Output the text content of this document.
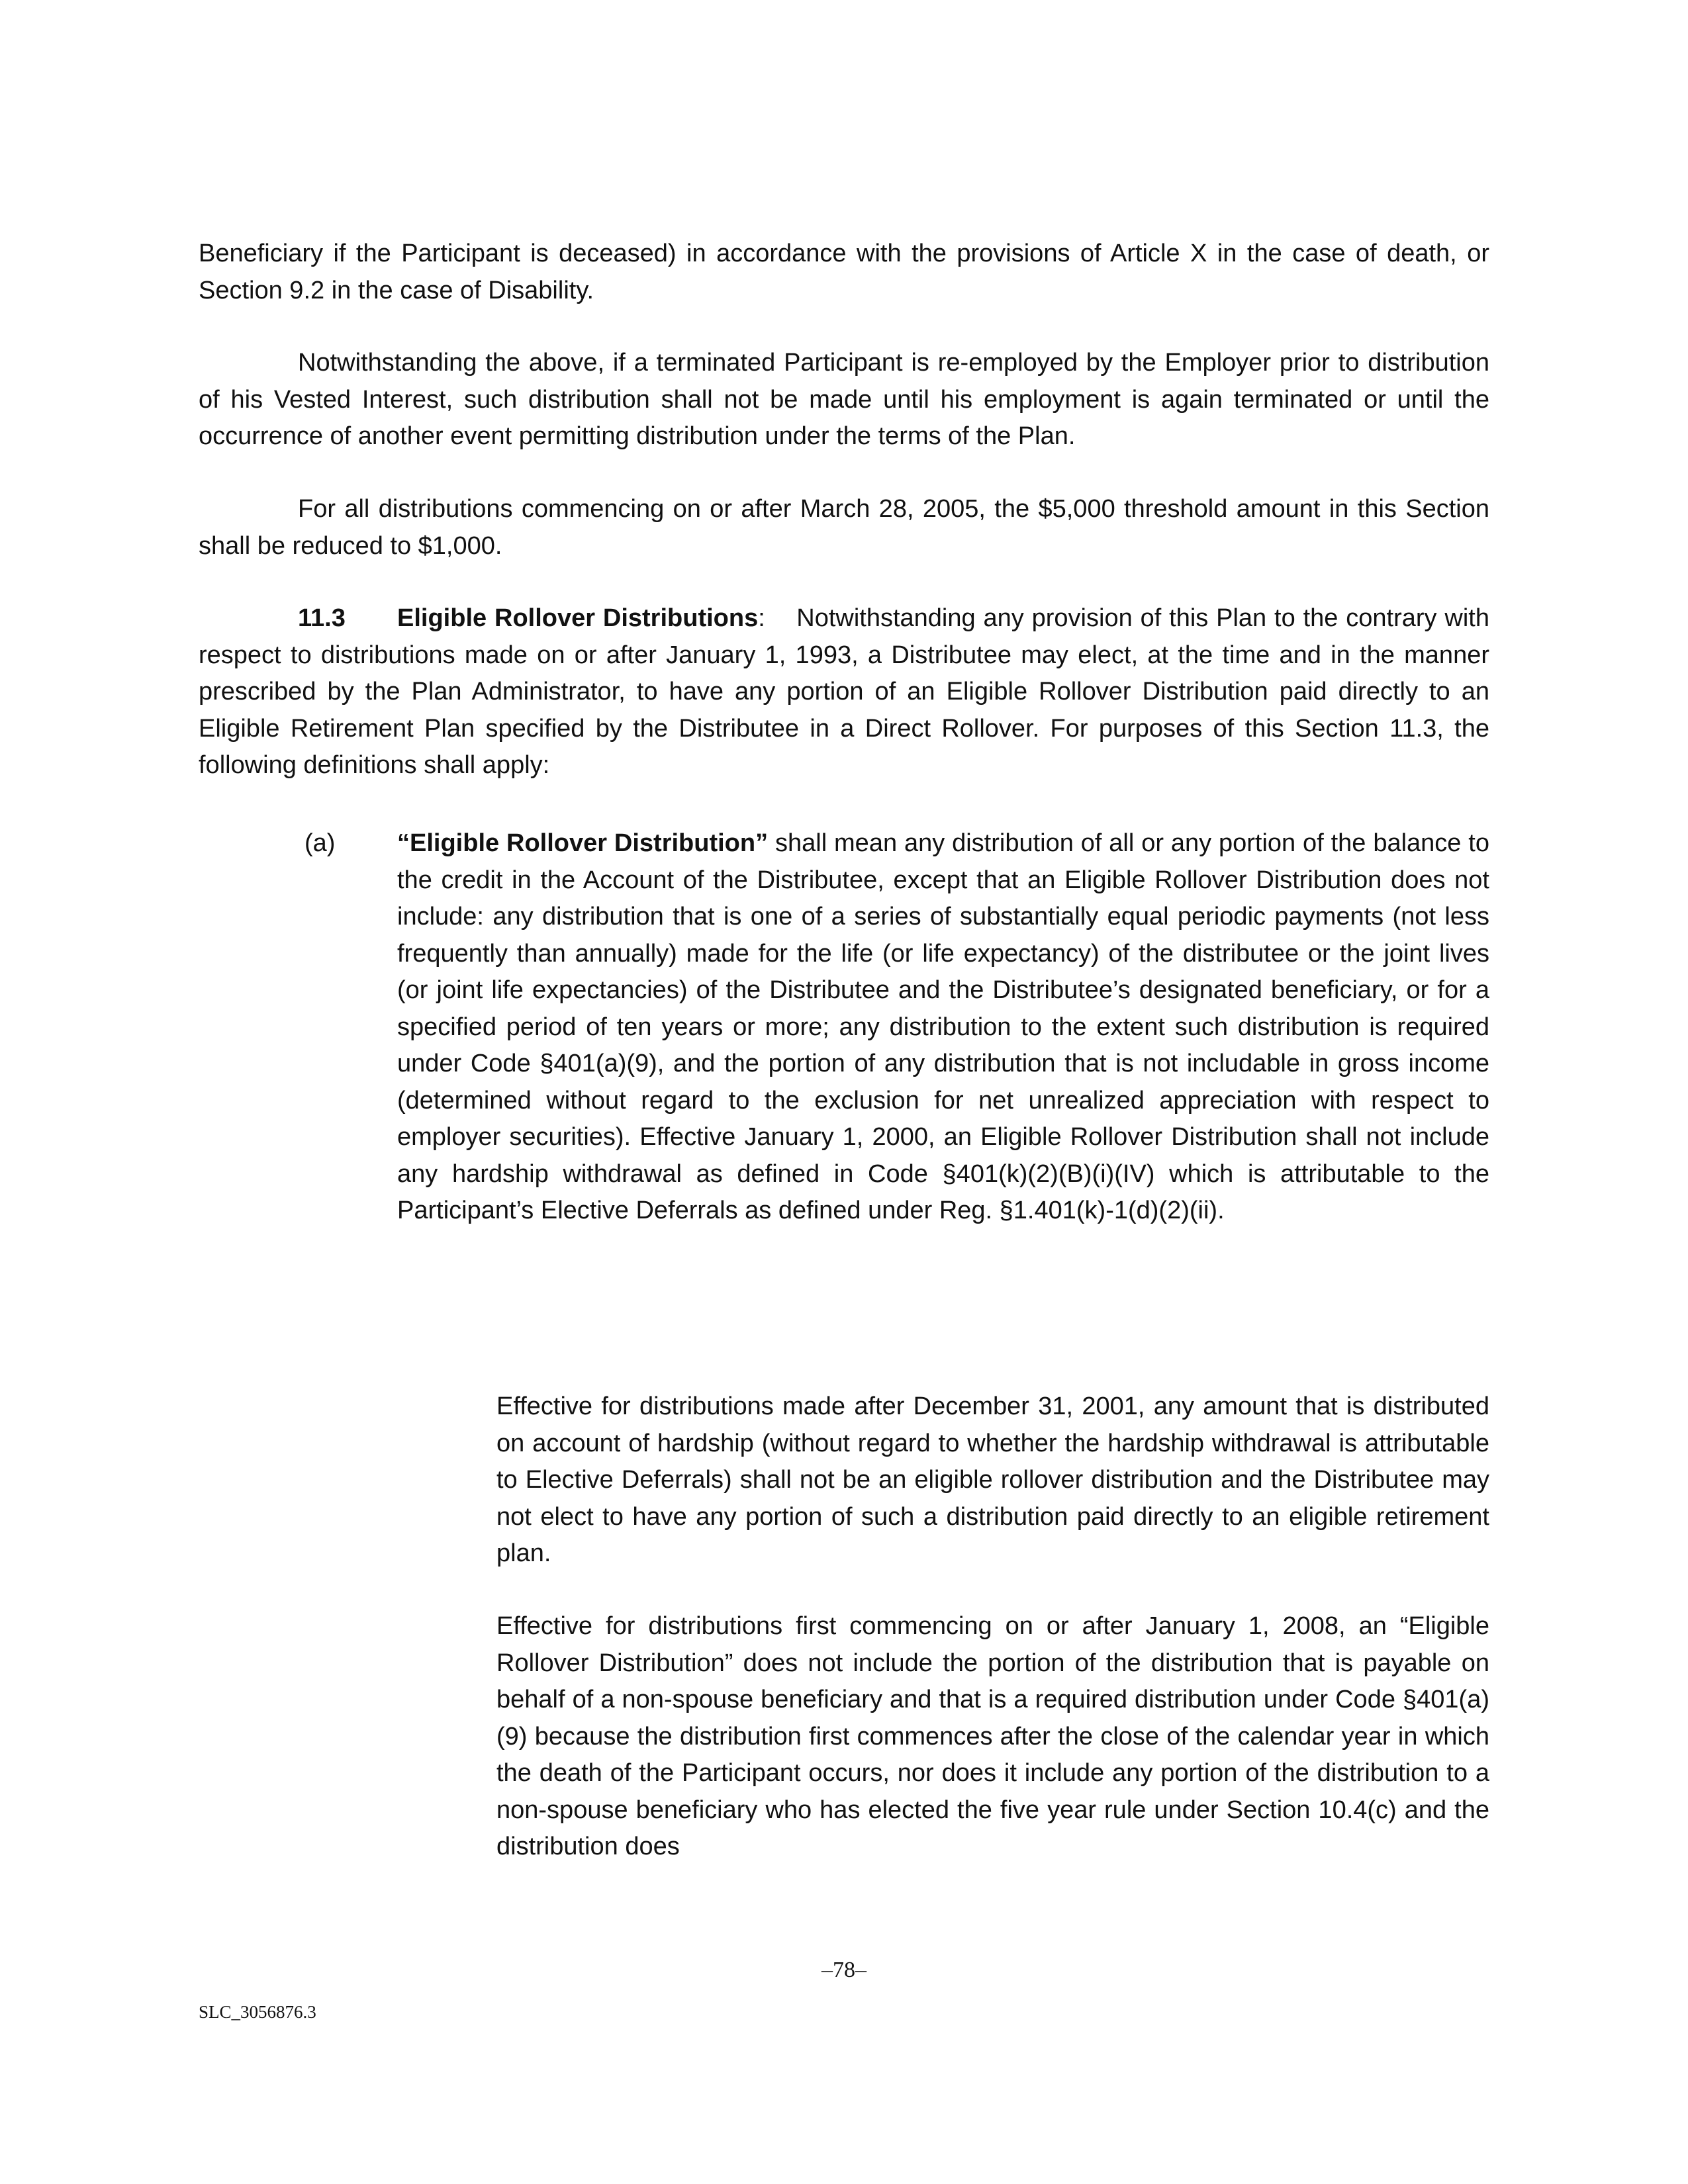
Beneficiary if the Participant is deceased) in accordance with the provisions of Article X in the case of death, or Section 9.2 in the case of Disability.

Notwithstanding the above, if a terminated Participant is re-employed by the Employer prior to distribution of his Vested Interest, such distribution shall not be made until his employment is again terminated or until the occurrence of another event permitting distribution under the terms of the Plan.

For all distributions commencing on or after March 28, 2005, the $5,000 threshold amount in this Section shall be reduced to $1,000.

11.3 Eligible Rollover Distributions: Notwithstanding any provision of this Plan to the contrary with respect to distributions made on or after January 1, 1993, a Distributee may elect, at the time and in the manner prescribed by the Plan Administrator, to have any portion of an Eligible Rollover Distribution paid directly to an Eligible Retirement Plan specified by the Distributee in a Direct Rollover. For purposes of this Section 11.3, the following definitions shall apply:

(a) “Eligible Rollover Distribution” shall mean any distribution of all or any portion of the balance to the credit in the Account of the Distributee, except that an Eligible Rollover Distribution does not include: any distribution that is one of a series of substantially equal periodic payments (not less frequently than annually) made for the life (or life expectancy) of the distributee or the joint lives (or joint life expectancies) of the Distributee and the Distributee’s designated beneficiary, or for a specified period of ten years or more; any distribution to the extent such distribution is required under Code §401(a)(9), and the portion of any distribution that is not includable in gross income (determined without regard to the exclusion for net unrealized appreciation with respect to employer securities). Effective January 1, 2000, an Eligible Rollover Distribution shall not include any hardship withdrawal as defined in Code §401(k)(2)(B)(i)(IV) which is attributable to the Participant’s Elective Deferrals as defined under Reg. §1.401(k)-1(d)(2)(ii).

Effective for distributions made after December 31, 2001, any amount that is distributed on account of hardship (without regard to whether the hardship withdrawal is attributable to Elective Deferrals) shall not be an eligible rollover distribution and the Distributee may not elect to have any portion of such a distribution paid directly to an eligible retirement plan.

Effective for distributions first commencing on or after January 1, 2008, an “Eligible Rollover Distribution” does not include the portion of the distribution that is payable on behalf of a non-spouse beneficiary and that is a required distribution under Code §401(a)(9) because the distribution first commences after the close of the calendar year in which the death of the Participant occurs, nor does it include any portion of the distribution to a non-spouse beneficiary who has elected the five year rule under Section 10.4(c) and the distribution does

–78–
SLC_3056876.3
